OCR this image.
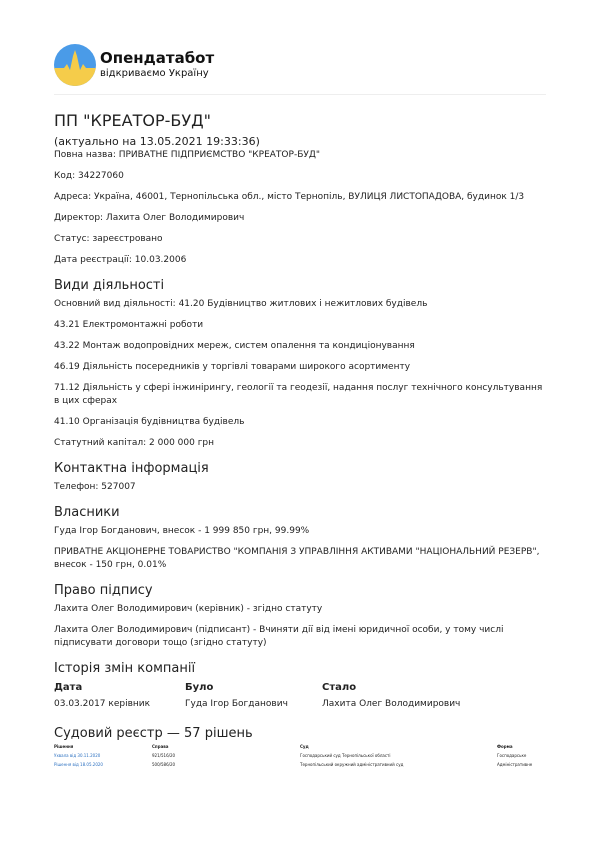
Опендатабот
відкриваємо Україну
ПП "КРЕАТОР-БУД"
(актуально на 13.05.2021 19:33:36)

Повна назва: ПРИВАТНЕ ПІДПРИЄМСТВО "КРЕАТОР-БУД"

Код: 34227060

Адреса: Україна, 46001, Тернопільська обл., місто Тернопіль, ВУЛИЦЯ ЛИСТОПАДОВА, будинок 1/3

Директор: Лахита Олег Володимирович

Статус: зареєстровано

Дата реєстрації: 10.03.2006

Види діяльності

Основний вид діяльності: 41.20 Будівництво житлових і нежитлових будівель

43.21 Електромонтажні роботи

43.22 Монтаж водопровідних мереж, систем опалення та кондиціонування

46.19 Діяльність посередників у торгівлі товарами широкого асортименту

71.12 Діяльність у сфері інжинірингу, геології та геодезії, надання послуг технічного консультування в цих сферах

41.10 Організація будівництва будівель

Статутний капітал: 2 000 000 грн

Контактна інформація

Телефон: 527007

Власники

Гуда Ігор Богданович, внесок - 1 999 850 грн, 99.99%

ПРИВАТНЕ АКЦІОНЕРНЕ ТОВАРИСТВО "КОМПАНІЯ З УПРАВЛІННЯ АКТИВАМИ "НАЦІОНАЛЬНИЙ РЕЗЕРВ", внесок - 150 грн, 0.01%

Право підпису

Лахита Олег Володимирович (керівник) - згідно статуту

Лахита Олег Володимирович (підписант) - Вчиняти дії від імені юридичної особи, у тому числі підписувати договори тощо (згідно статуту)

Історія змін компанії
Дата	Було	Стало
03.03.2017 керівник	Гуда Ігор Богданович	Лахита Олег Володимирович
Судовий реєстр — 57 рішень
Рішення	Справа	Суд	Форма
Ухвала від 30.11.2020	921/516/20	Господарський суд Тернопільської області	Господарське
Рішення від 18.05.2020	500/586/20	Тернопільський окружний адміністративний суд	Адміністративне
